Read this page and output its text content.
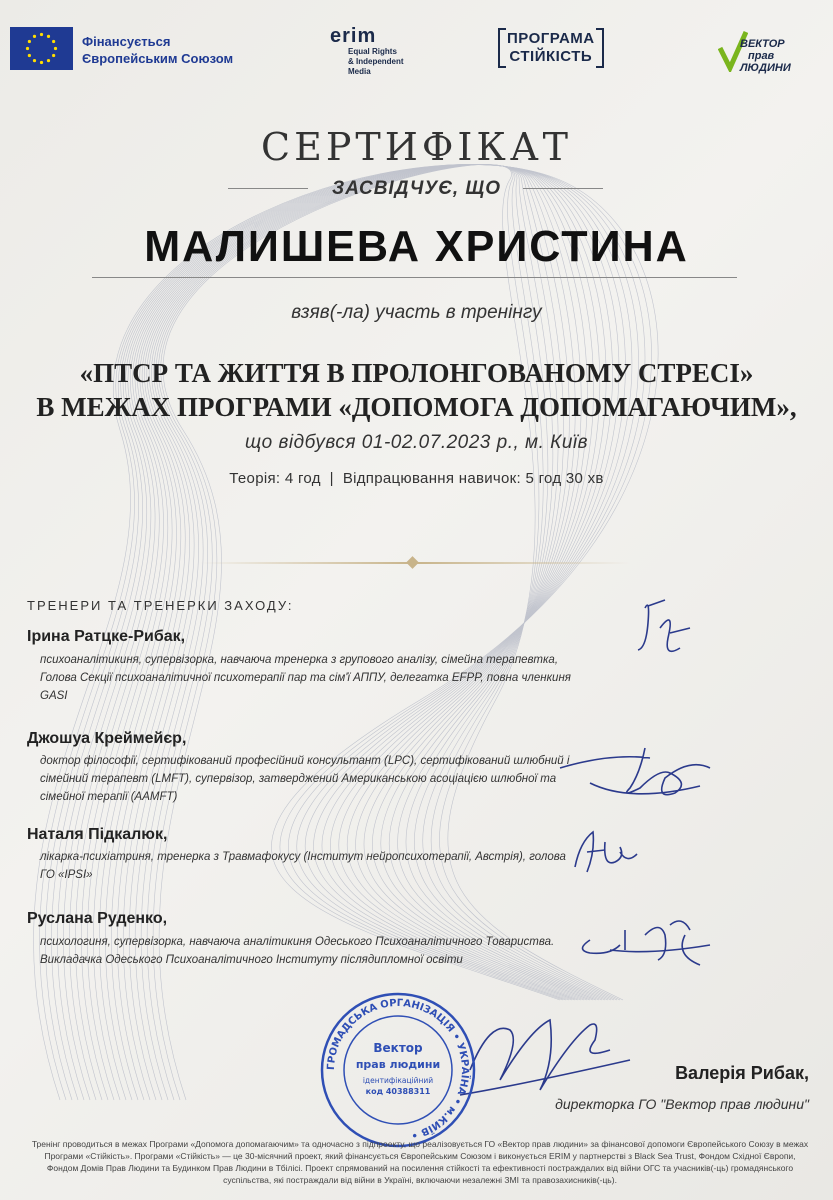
Фінансується
Європейським Союзом
erim
Equal Rights
& Independent
Media
ПРОГРАМА
СТІЙКІСТЬ
ВЕКТОР
прав
ЛЮДИНИ
СЕРТИФІКАТ
ЗАСВІДЧУЄ, ЩО
МАЛИШЕВА ХРИСТИНА
взяв(-ла) участь в тренінгу
«ПТСР ТА ЖИТТЯ В ПРОЛОНГОВАНОМУ СТРЕСІ»
В МЕЖАХ ПРОГРАМИ «ДОПОМОГА ДОПОМАГАЮЧИМ»,
що відбувся 01-02.07.2023 р., м. Київ
Теорія: 4 год  |  Відпрацювання навичок: 5 год 30 хв
ТРЕНЕРИ ТА ТРЕНЕРКИ ЗАХОДУ:
Ірина Ратцке-Рибак,
психоаналітикиня, супервізорка, навчаюча тренерка з групового аналізу, сімейна терапевтка, Голова Секції психоаналітичної психотерапії пар та сім'ї АППУ, делегатка EFPP, повна членкиня GASI
Джошуа Креймейєр,
доктор філософії, сертифікований професійний консультант (LPC), сертифікований шлюбний і сімейний терапевт (LMFT), супервізор, затверджений Американською асоціацією шлюбної та сімейної терапії (AAMFT)
Наталя Підкалюк,
лікарка-психіатриня, тренерка з Травмафокусу (Інститут нейропсихотерапії, Австрія), голова ГО «IPSI»
Руслана Руденко,
психологиня, супервізорка, навчаюча аналітикиня Одеського Психоаналітичного Товариства. Викладачка Одеського Психоаналітичного Інституту післядипломної освіти
ГРОМАДСЬКА ОРГАНІЗАЦІЯ • УКРАЇНА • м.КИЇВ •
Вектор
прав людини
ідентифікаційний
код 40388311
Валерія Рибак,
директорка ГО "Вектор прав людини"
Тренінг проводиться в межах Програми «Допомога допомагаючим» та одночасно з підпроекту, що реалізовується ГО «Вектор прав людини» за фінансової допомоги Європейського Союзу в межах Програми «Стійкість». Програми «Стійкість» — це 30-місячний проект, який фінансується Європейським Союзом і виконується ERIM у партнерстві з Black Sea Trust, Фондом Східної Європи, Фондом Домів Прав Людини та Будинком Прав Людини в Тбілісі. Проект спрямований на посилення стійкості та ефективності постраждалих від війни ОГС та учасників(-ць) громадянського суспільства, які постраждали від війни в Україні, включаючи незалежні ЗМІ та правозахисників(-ць).
